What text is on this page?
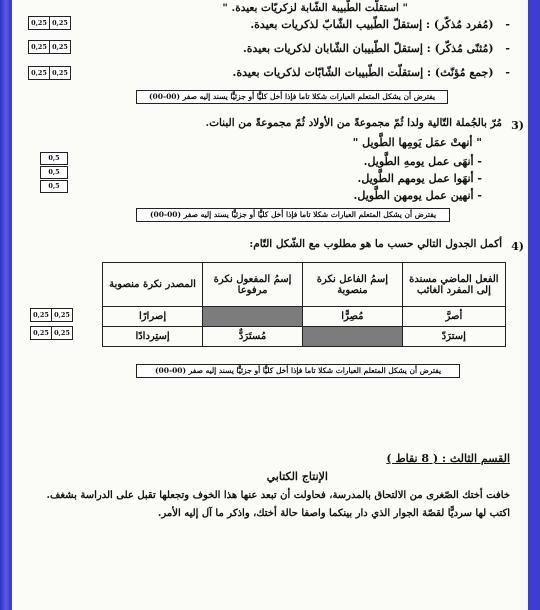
" استقلّت الطّبيبة الشّابة لزكريّات بعيدة. "
- (مُفرد مُذكّر) : إستقلّ الطّبيب الشّابّ لذكريات بعيدة.
- (مُثنّى مُذكّر) : إستقلّ الطّبيبان الشّابان لذكريات بعيدة.
- (جمع مُؤنّث) : إستقلّت الطّبيبات الشّابّات لذكريات بعيدة.
0,25 0,25
0,25 0,25
0,25 0,25
يفترض أن يشكل المتعلم العبارات شكلا تاما فإذا أخل كليًّا أو جزئيًّا يسند إليه صفر (00-00)
3)
مُرّ بالجُملة التّالية ولدا ثُمّ مجموعةً من الأولاد ثُمّ مجموعةً من البنات.
" أنهتْ عمَل يَومِها الطَّويل "
- أنهَى عمل يومهِ الطَّويل.
- أنهَوا عمل يومهم الطَّويل.
- أنهين عمل يومهن الطَّويل.
0,5
0,5
0,5
يفترض أن يشكل المتعلم العبارات شكلا تاما فإذا أخل كليًّا أو جزئيًّا يسند إليه صفر (00-00)
4)
أكمل الجدول التالي حسب ما هو مطلوب مع الشّكل التّام:
الفعل الماضي مسندة إلى المفرد الغائب	إسمُ الفاعل نكرة منصوبة	إسمُ المفعول نكرة مرفوعا	المصدر نكرة منصوبة
أصرَّ	مُصِرًّا		إصرارًا
إسترَدّ		مُستَرَدٌّ	إستِردادًا
0,25 0,25
0,25 0,25
يفترض أن يشكل المتعلم العبارات شكلا تاما فإذا أخل كليًّا أو جزئيًّا يسند إليه صفر (00-00)
القسم الثالث : ( 8 نقاط )
الإنتاج الكتابي
خافت أختك الصّغرى من الالتحاق بالمدرسة، فحاولت أن تبعد عنها هذا الخوف وتجعلها تقبل على الدراسة بشغف.
اكتب لها سرديًّا لقصّة الجوار الذي دار بينكما واصفا حالة أختك، واذكر ما آل إليه الأمر.
